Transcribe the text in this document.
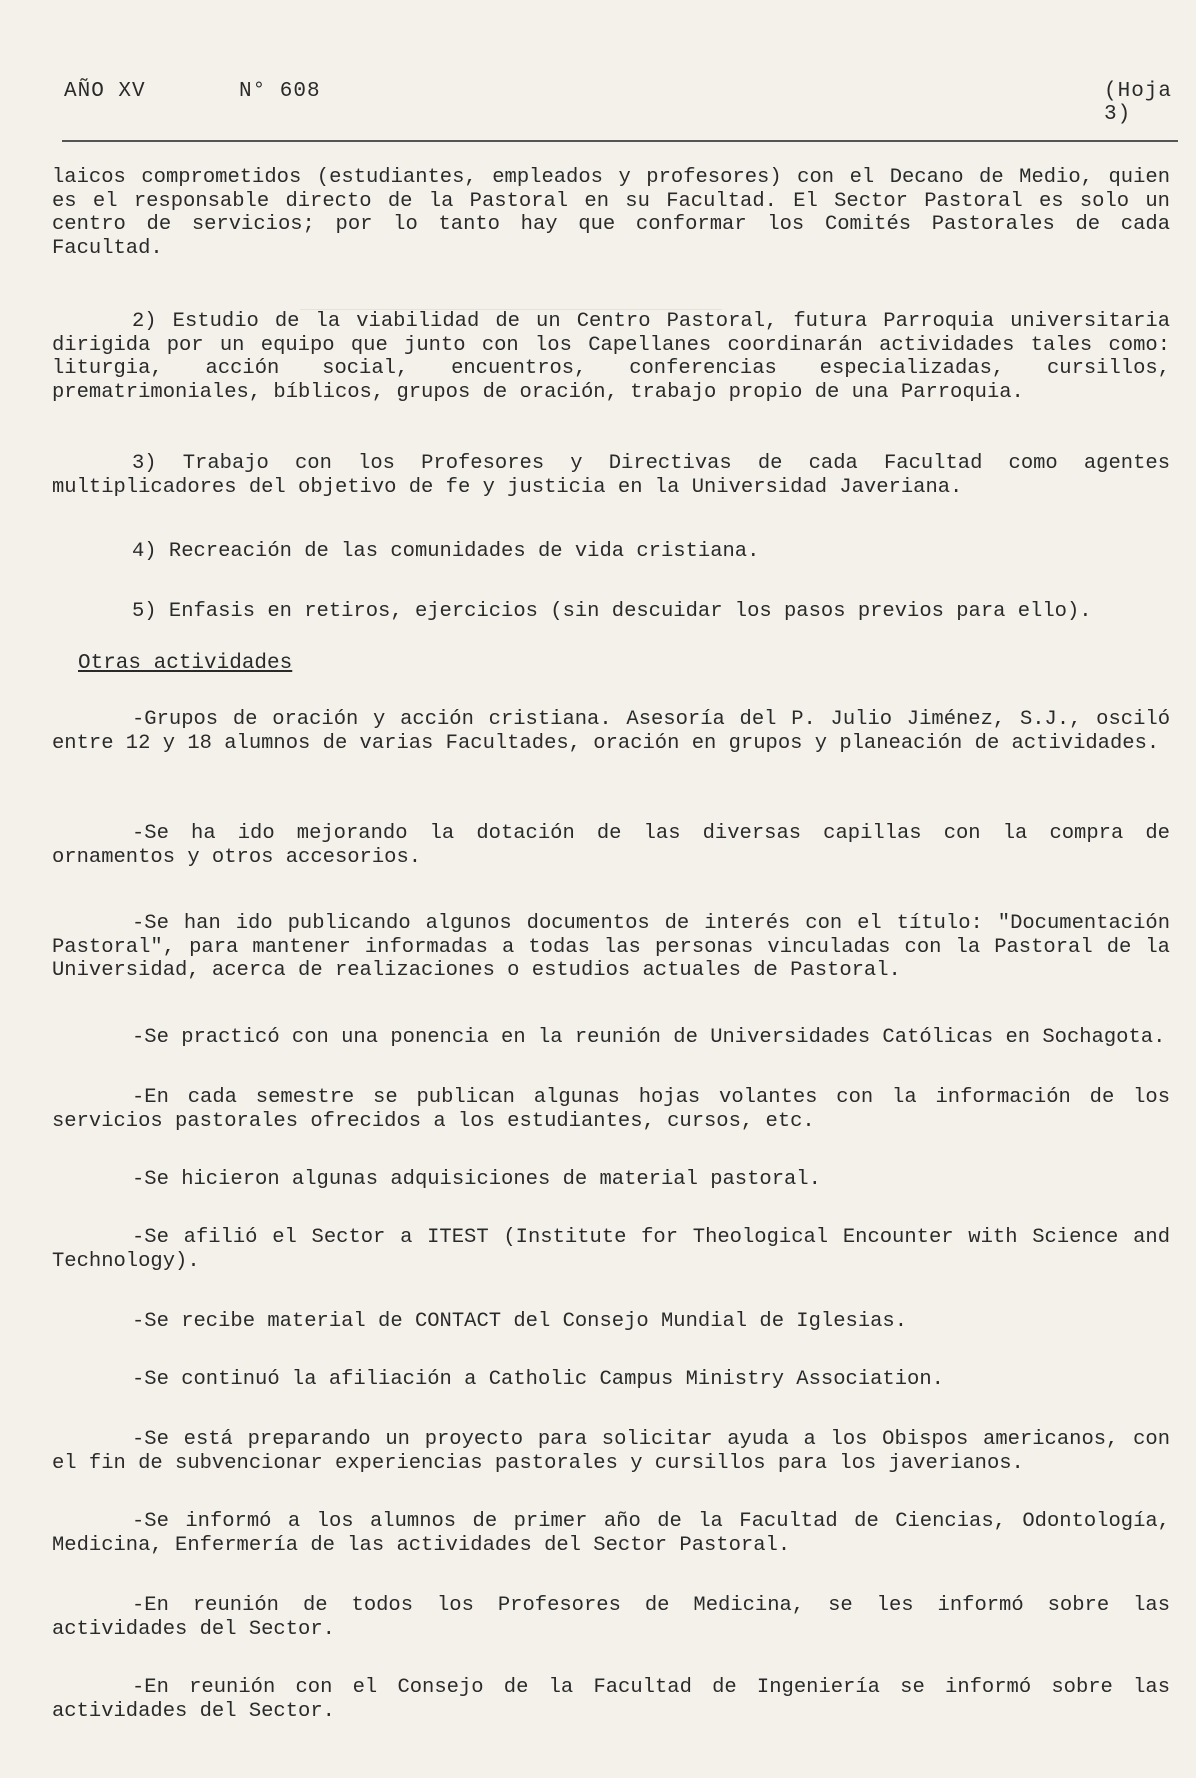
_____________________________________
AÑO XV	N° 608	(Hoja 3)

laicos comprometidos (estudiantes, empleados y profesores) con el Decano de Medio, quien es el responsable directo de la Pastoral en su Facultad. El Sector Pastoral es solo un centro de servicios; por lo tanto hay que conformar los Comités Pastorales de cada Facultad.

2) Estudio de la viabilidad de un Centro Pastoral, futura Parroquia universitaria dirigida por un equipo que junto con los Capellanes coordinarán actividades tales como: liturgia, acción social, encuentros, conferencias especializadas, cursillos, prematrimoniales, bíblicos, grupos de oración, trabajo propio de una Parroquia.

3) Trabajo con los Profesores y Directivas de cada Facultad como agentes multiplicadores del objetivo de fe y justicia en la Universidad Javeriana.

4) Recreación de las comunidades de vida cristiana.

5) Enfasis en retiros, ejercicios (sin descuidar los pasos previos para ello).

Otras actividades

-Grupos de oración y acción cristiana. Asesoría del P. Julio Jiménez, S.J., osciló entre 12 y 18 alumnos de varias Facultades, oración en grupos y planeación de actividades.

-Se ha ido mejorando la dotación de las diversas capillas con la compra de ornamentos y otros accesorios.

-Se han ido publicando algunos documentos de interés con el título: "Documentación Pastoral", para mantener informadas a todas las personas vinculadas con la Pastoral de la Universidad, acerca de realizaciones o estudios actuales de Pastoral.

-Se practicó con una ponencia en la reunión de Universidades Católicas en Sochagota.

-En cada semestre se publican algunas hojas volantes con la información de los servicios pastorales ofrecidos a los estudiantes, cursos, etc.

-Se hicieron algunas adquisiciones de material pastoral.

-Se afilió el Sector a ITEST (Institute for Theological Encounter with Science and Technology).

-Se recibe material de CONTACT del Consejo Mundial de Iglesias.

-Se continuó la afiliación a Catholic Campus Ministry Association.

-Se está preparando un proyecto para solicitar ayuda a los Obispos americanos, con el fin de subvencionar experiencias pastorales y cursillos para los javerianos.

-Se informó a los alumnos de primer año de la Facultad de Ciencias, Odontología, Medicina, Enfermería de las actividades del Sector Pastoral.

-En reunión de todos los Profesores de Medicina, se les informó sobre las actividades del Sector.

-En reunión con el Consejo de la Facultad de Ingeniería se informó sobre las actividades del Sector.
